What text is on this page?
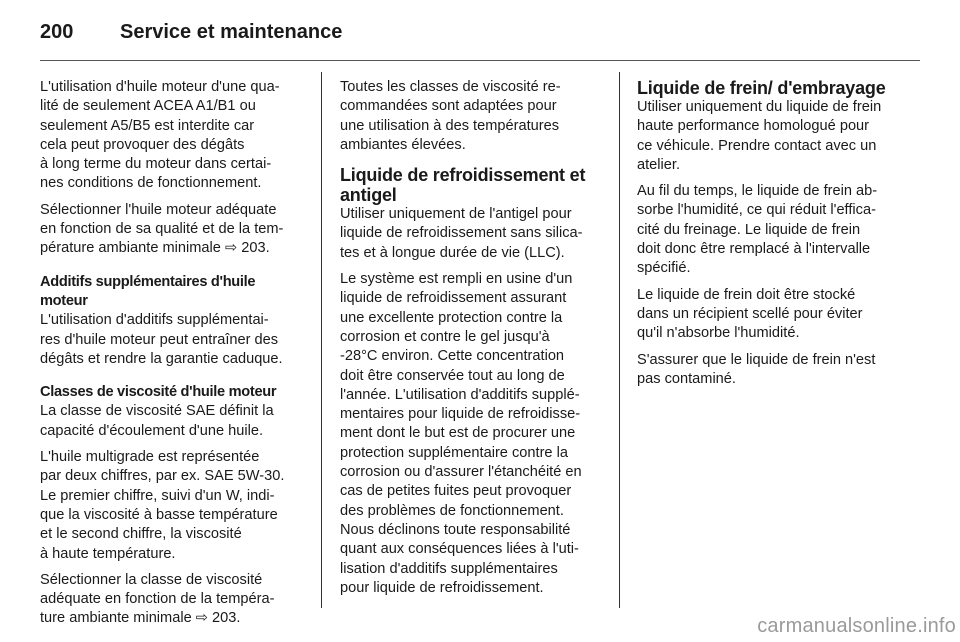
200 Service et maintenance
L'utilisation d'huile moteur d'une qua-
lité de seulement ACEA A1/B1 ou
seulement A5/B5 est interdite car
cela peut provoquer des dégâts
à long terme du moteur dans certai-
nes conditions de fonctionnement.
Sélectionner l'huile moteur adéquate
en fonction de sa qualité et de la tem-
pérature ambiante minimale ⇨ 203.
Additifs supplémentaires d'huile
moteur
L'utilisation d'additifs supplémentai-
res d'huile moteur peut entraîner des
dégâts et rendre la garantie caduque.
Classes de viscosité d'huile moteur
La classe de viscosité SAE définit la
capacité d'écoulement d'une huile.
L'huile multigrade est représentée
par deux chiffres, par ex. SAE 5W-30.
Le premier chiffre, suivi d'un W, indi-
que la viscosité à basse température
et le second chiffre, la viscosité
à haute température.
Sélectionner la classe de viscosité
adéquate en fonction de la tempéra-
ture ambiante minimale ⇨ 203.
Toutes les classes de viscosité re-
commandées sont adaptées pour
une utilisation à des températures
ambiantes élevées.
Liquide de refroidissement et
antigel
Utiliser uniquement de l'antigel pour
liquide de refroidissement sans silica-
tes et à longue durée de vie (LLC).
Le système est rempli en usine d'un
liquide de refroidissement assurant
une excellente protection contre la
corrosion et contre le gel jusqu'à
-28°C environ. Cette concentration
doit être conservée tout au long de
l'année. L'utilisation d'additifs supplé-
mentaires pour liquide de refroidisse-
ment dont le but est de procurer une
protection supplémentaire contre la
corrosion ou d'assurer l'étanchéité en
cas de petites fuites peut provoquer
des problèmes de fonctionnement.
Nous déclinons toute responsabilité
quant aux conséquences liées à l'uti-
lisation d'additifs supplémentaires
pour liquide de refroidissement.
Liquide de frein/ d'embrayage
Utiliser uniquement du liquide de frein
haute performance homologué pour
ce véhicule. Prendre contact avec un
atelier.
Au fil du temps, le liquide de frein ab-
sorbe l'humidité, ce qui réduit l'effica-
cité du freinage. Le liquide de frein
doit donc être remplacé à l'intervalle
spécifié.
Le liquide de frein doit être stocké
dans un récipient scellé pour éviter
qu'il n'absorbe l'humidité.
S'assurer que le liquide de frein n'est
pas contaminé.
carmanualsonline.info
